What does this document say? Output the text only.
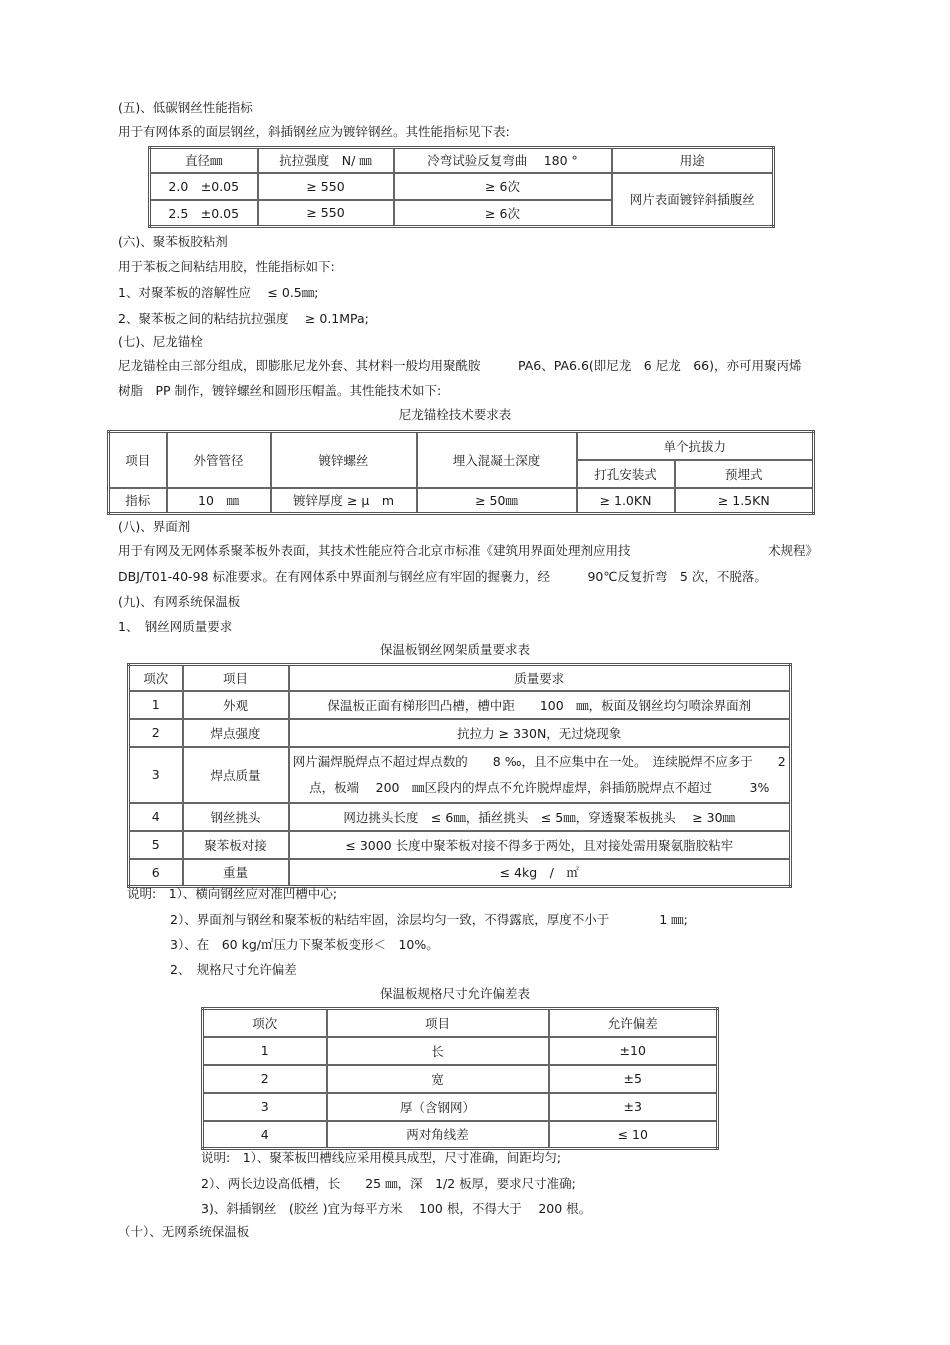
(五)、低碳钢丝性能指标
用于有网体系的面层钢丝，斜插钢丝应为镀锌钢丝。其性能指标见下表:
直径㎜	抗拉强度　N/ ㎜	冷弯试验反复弯曲　 180 °	用途
2.0　±0.05	≥ 550	≥ 6次	网片表面镀锌斜插腹丝
2.5　±0.05	≥ 550	≥ 6次	
(六)、聚苯板胶粘剂
用于苯板之间粘结用胶，性能指标如下:
1、对聚苯板的溶解性应　 ≤ 0.5㎜;
2、聚苯板之间的粘结抗拉强度　 ≥ 0.1MPa;
(七)、尼龙锚栓
尼龙锚栓由三部分组成，即膨胀尼龙外套、其材料一般均用聚酰胺　　　PA6、PA6.6(即尼龙　6 尼龙　66)，亦可用聚丙烯
树脂　PP 制作，镀锌螺丝和圆形压帽盖。其性能技术如下:
尼龙锚栓技术要求表
项目	外管管径	镀锌螺丝	埋入混凝土深度	单个抗拔力	
				打孔安装式	预埋式
指标	10　㎜	镀锌厚度 ≥ μ　m	≥ 50㎜	≥ 1.0KN	≥ 1.5KN
(八)、界面剂
用于有网及无网体系聚苯板外表面，其技术性能应符合北京市标准《建筑用界面处理剂应用技	术规程》
DBJ/T01-40-98 标准要求。在有网体系中界面剂与钢丝应有牢固的握裹力，经　　　90℃反复折弯　5 次，不脱落。
(九)、有网系统保温板
1、　钢丝网质量要求
保温板钢丝网架质量要求表
项次	项目	质量要求
1	外观	保温板正面有梯形凹凸槽，槽中距　　100　㎜，板面及钢丝均匀喷涂界面剂
2	焊点强度	抗拉力 ≥ 330N，无过烧现象
3	焊点质量	网片漏焊脱焊点不超过焊点数的　　8 ‰，且不应集中在一处。　连续脱焊不应多于　　2点，板端　 200　㎜区段内的焊点不允许脱焊虚焊，斜插筋脱焊点不超过　　　3%
4	钢丝挑头	网边挑头长度　≤ 6㎜，插丝挑头　≤ 5㎜，穿透聚苯板挑头　 ≥ 30㎜
5	聚苯板对接	≤ 3000 长度中聚苯板对接不得多于两处，且对接处需用聚氨脂胶粘牢
6	重量	≤ 4kg　/　㎡
说明:　1）、横向钢丝应对准凹槽中心;
2）、界面剂与钢丝和聚苯板的粘结牢固，涂层均匀一致，不得露底，厚度不小于　　　　1 ㎜;
3）、在　60 kg/㎡压力下聚苯板变形＜　10%。
2、　规格尺寸允许偏差
保温板规格尺寸允许偏差表
项次	项目	允许偏差
1	长	±10
2	宽	±5
3	厚（含钢网）	±3
4	两对角线差	≤ 10
说明:　1）、聚苯板凹槽线应采用模具成型，尺寸准确，间距均匀;
2）、两长边设高低槽，长　　25 ㎜，深　1/2 板厚，要求尺寸准确;
3)、斜插钢丝　(胶丝 )宜为每平方米　 100 根，不得大于　 200 根。
（十）、无网系统保温板
